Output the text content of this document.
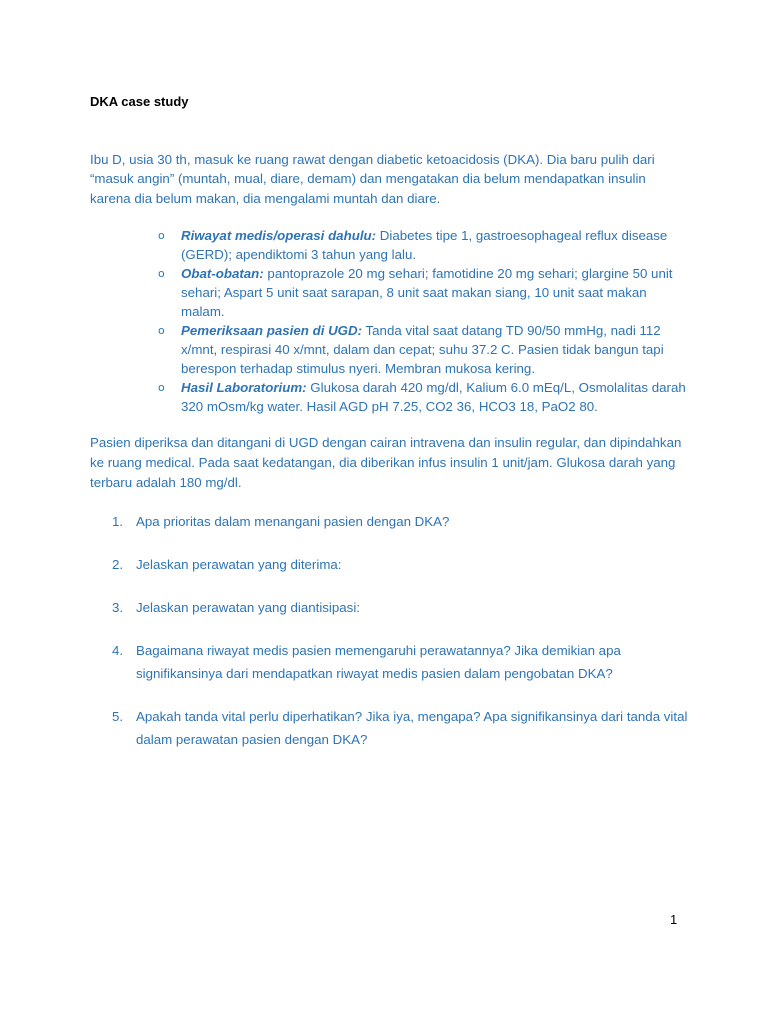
DKA case study

Ibu D, usia 30 th, masuk ke ruang rawat dengan diabetic ketoacidosis (DKA). Dia baru pulih dari “masuk angin” (muntah, mual, diare, demam) dan mengatakan dia belum mendapatkan insulin karena dia belum makan, dia mengalami muntah dan diare.

o Riwayat medis/operasi dahulu: Diabetes tipe 1, gastroesophageal reflux disease (GERD); apendiktomi 3 tahun yang lalu.
o Obat-obatan: pantoprazole 20 mg sehari; famotidine 20 mg sehari; glargine 50 unit sehari; Aspart 5 unit saat sarapan, 8 unit saat makan siang, 10 unit saat makan malam.
o Pemeriksaan pasien di UGD: Tanda vital saat datang TD 90/50 mmHg, nadi 112 x/mnt, respirasi 40 x/mnt, dalam dan cepat; suhu 37.2 C. Pasien tidak bangun tapi berespon terhadap stimulus nyeri. Membran mukosa kering.
o Hasil Laboratorium: Glukosa darah 420 mg/dl, Kalium 6.0 mEq/L, Osmolalitas darah 320 mOsm/kg water. Hasil AGD pH 7.25, CO2 36, HCO3 18, PaO2 80.

Pasien diperiksa dan ditangani di UGD dengan cairan intravena dan insulin regular, dan dipindahkan ke ruang medical. Pada saat kedatangan, dia diberikan infus insulin 1 unit/jam. Glukosa darah yang terbaru adalah 180 mg/dl.

1. Apa prioritas dalam menangani pasien dengan DKA?
2. Jelaskan perawatan yang diterima:
3. Jelaskan perawatan yang diantisipasi:
4. Bagaimana riwayat medis pasien memengaruhi perawatannya? Jika demikian apa signifikansinya dari mendapatkan riwayat medis pasien dalam pengobatan DKA?
5. Apakah tanda vital perlu diperhatikan? Jika iya, mengapa? Apa signifikansinya dari tanda vital dalam perawatan pasien dengan DKA?
1
